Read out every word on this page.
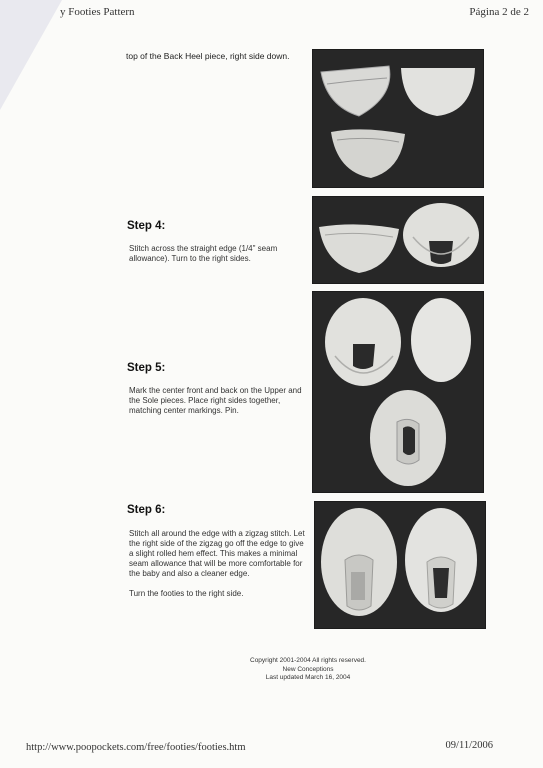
y Footies Pattern	Página 2 de 2
top of the Back Heel piece, right side down.
Step 4:

Stitch across the straight edge (1/4" seam allowance). Turn to the right sides.

Step 5:

Mark the center front and back on the Upper and the Sole pieces. Place right sides together, matching center markings. Pin.

Step 6:

Stitch all around the edge with a zigzag stitch. Let the right side of the zigzag go off the edge to give a slight rolled hem effect. This makes a minimal seam allowance that will be more comfortable for the baby and also a cleaner edge.

Turn the footies to the right side.

Copyright 2001-2004 All rights reserved.
New Conceptions
Last updated March 16, 2004
http://www.poopockets.com/free/footies/footies.htm	09/11/2006
